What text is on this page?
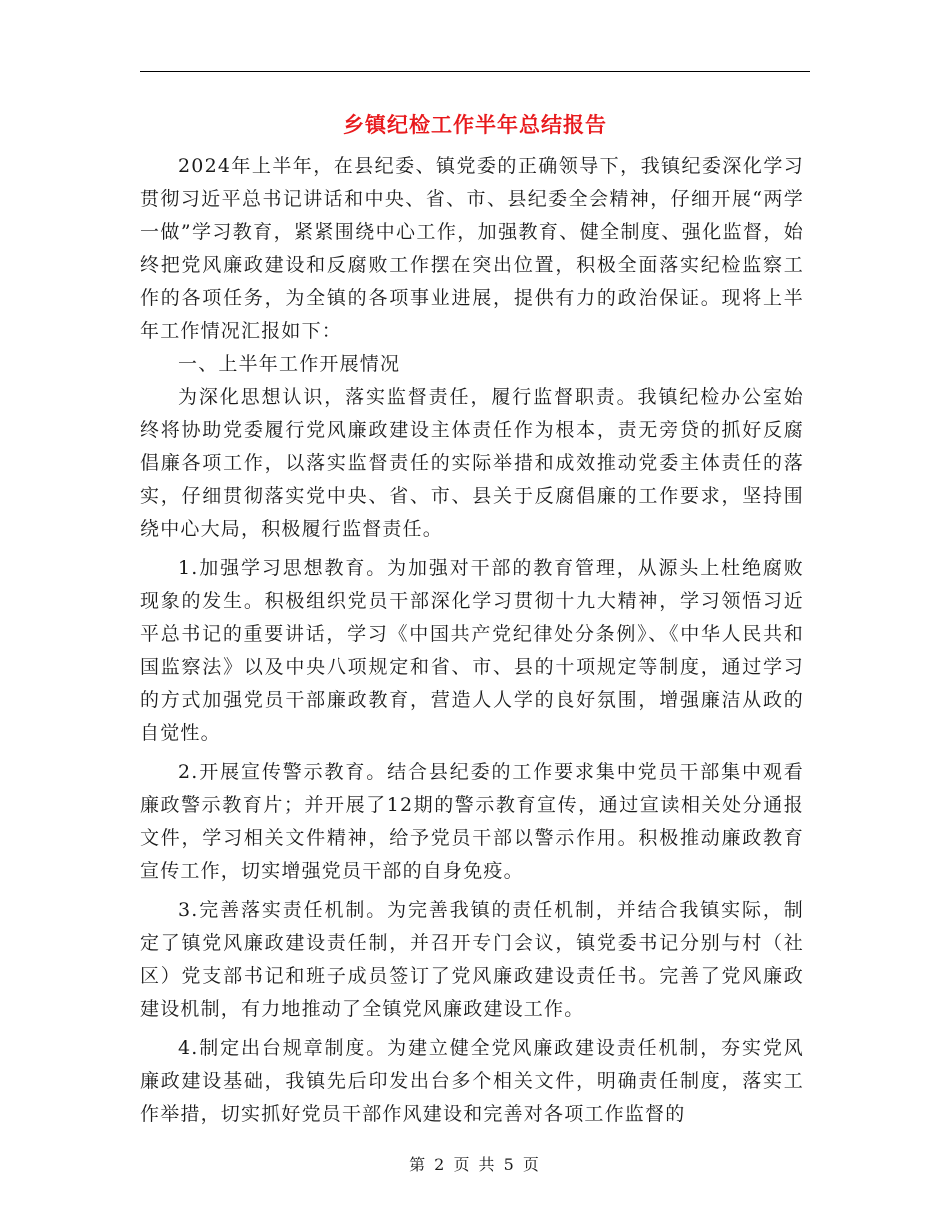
乡镇纪检工作半年总结报告

2024年上半年，在县纪委、镇党委的正确领导下，我镇纪委深化学习贯彻习近平总书记讲话和中央、省、市、县纪委全会精神，仔细开展“两学一做”学习教育，紧紧围绕中心工作，加强教育、健全制度、强化监督，始终把党风廉政建设和反腐败工作摆在突出位置，积极全面落实纪检监察工作的各项任务，为全镇的各项事业进展，提供有力的政治保证。现将上半年工作情况汇报如下：

一、上半年工作开展情况

为深化思想认识，落实监督责任，履行监督职责。我镇纪检办公室始终将协助党委履行党风廉政建设主体责任作为根本，责无旁贷的抓好反腐倡廉各项工作，以落实监督责任的实际举措和成效推动党委主体责任的落实，仔细贯彻落实党中央、省、市、县关于反腐倡廉的工作要求，坚持围绕中心大局，积极履行监督责任。

1.加强学习思想教育。为加强对干部的教育管理，从源头上杜绝腐败现象的发生。积极组织党员干部深化学习贯彻十九大精神，学习领悟习近平总书记的重要讲话，学习《中国共产党纪律处分条例》、《中华人民共和国监察法》以及中央八项规定和省、市、县的十项规定等制度，通过学习的方式加强党员干部廉政教育，营造人人学的良好氛围，增强廉洁从政的自觉性。

2.开展宣传警示教育。结合县纪委的工作要求集中党员干部集中观看廉政警示教育片；并开展了12期的警示教育宣传，通过宣读相关处分通报文件，学习相关文件精神，给予党员干部以警示作用。积极推动廉政教育宣传工作，切实增强党员干部的自身免疫。

3.完善落实责任机制。为完善我镇的责任机制，并结合我镇实际，制定了镇党风廉政建设责任制，并召开专门会议，镇党委书记分别与村（社区）党支部书记和班子成员签订了党风廉政建设责任书。完善了党风廉政建设机制，有力地推动了全镇党风廉政建设工作。

4.制定出台规章制度。为建立健全党风廉政建设责任机制，夯实党风廉政建设基础，我镇先后印发出台多个相关文件，明确责任制度，落实工作举措，切实抓好党员干部作风建设和完善对各项工作监督的

第 2 页 共 5 页
